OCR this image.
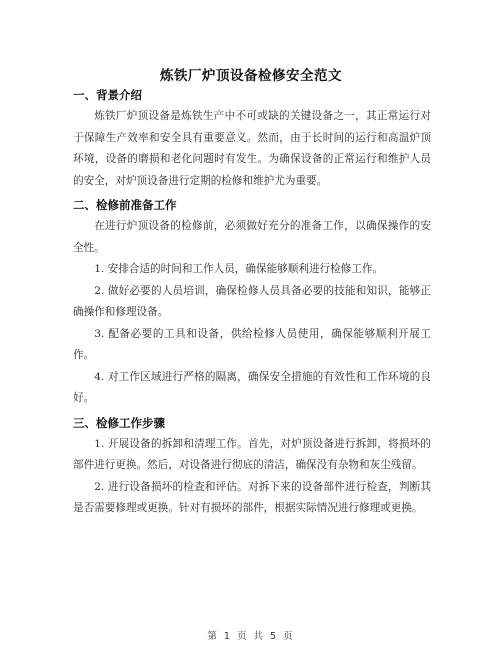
炼铁厂炉顶设备检修安全范文
一、背景介绍

炼铁厂炉顶设备是炼铁生产中不可或缺的关键设备之一，其正常运行对于保障生产效率和安全具有重要意义。然而，由于长时间的运行和高温炉顶环境，设备的磨损和老化问题时有发生。为确保设备的正常运行和维护人员的安全，对炉顶设备进行定期的检修和维护尤为重要。

二、检修前准备工作

在进行炉顶设备的检修前，必须做好充分的准备工作，以确保操作的安全性。

1. 安排合适的时间和工作人员，确保能够顺利进行检修工作。

2. 做好必要的人员培训，确保检修人员具备必要的技能和知识，能够正确操作和修理设备。

3. 配备必要的工具和设备，供给检修人员使用，确保能够顺利开展工作。

4. 对工作区域进行严格的隔离，确保安全措施的有效性和工作环境的良好。

三、检修工作步骤

1. 开展设备的拆卸和清理工作。首先，对炉顶设备进行拆卸，将损坏的部件进行更换。然后，对设备进行彻底的清洁，确保没有杂物和灰尘残留。

2. 进行设备损坏的检查和评估。对拆下来的设备部件进行检查，判断其是否需要修理或更换。针对有损坏的部件，根据实际情况进行修理或更换。

第 1 页 共 5 页
